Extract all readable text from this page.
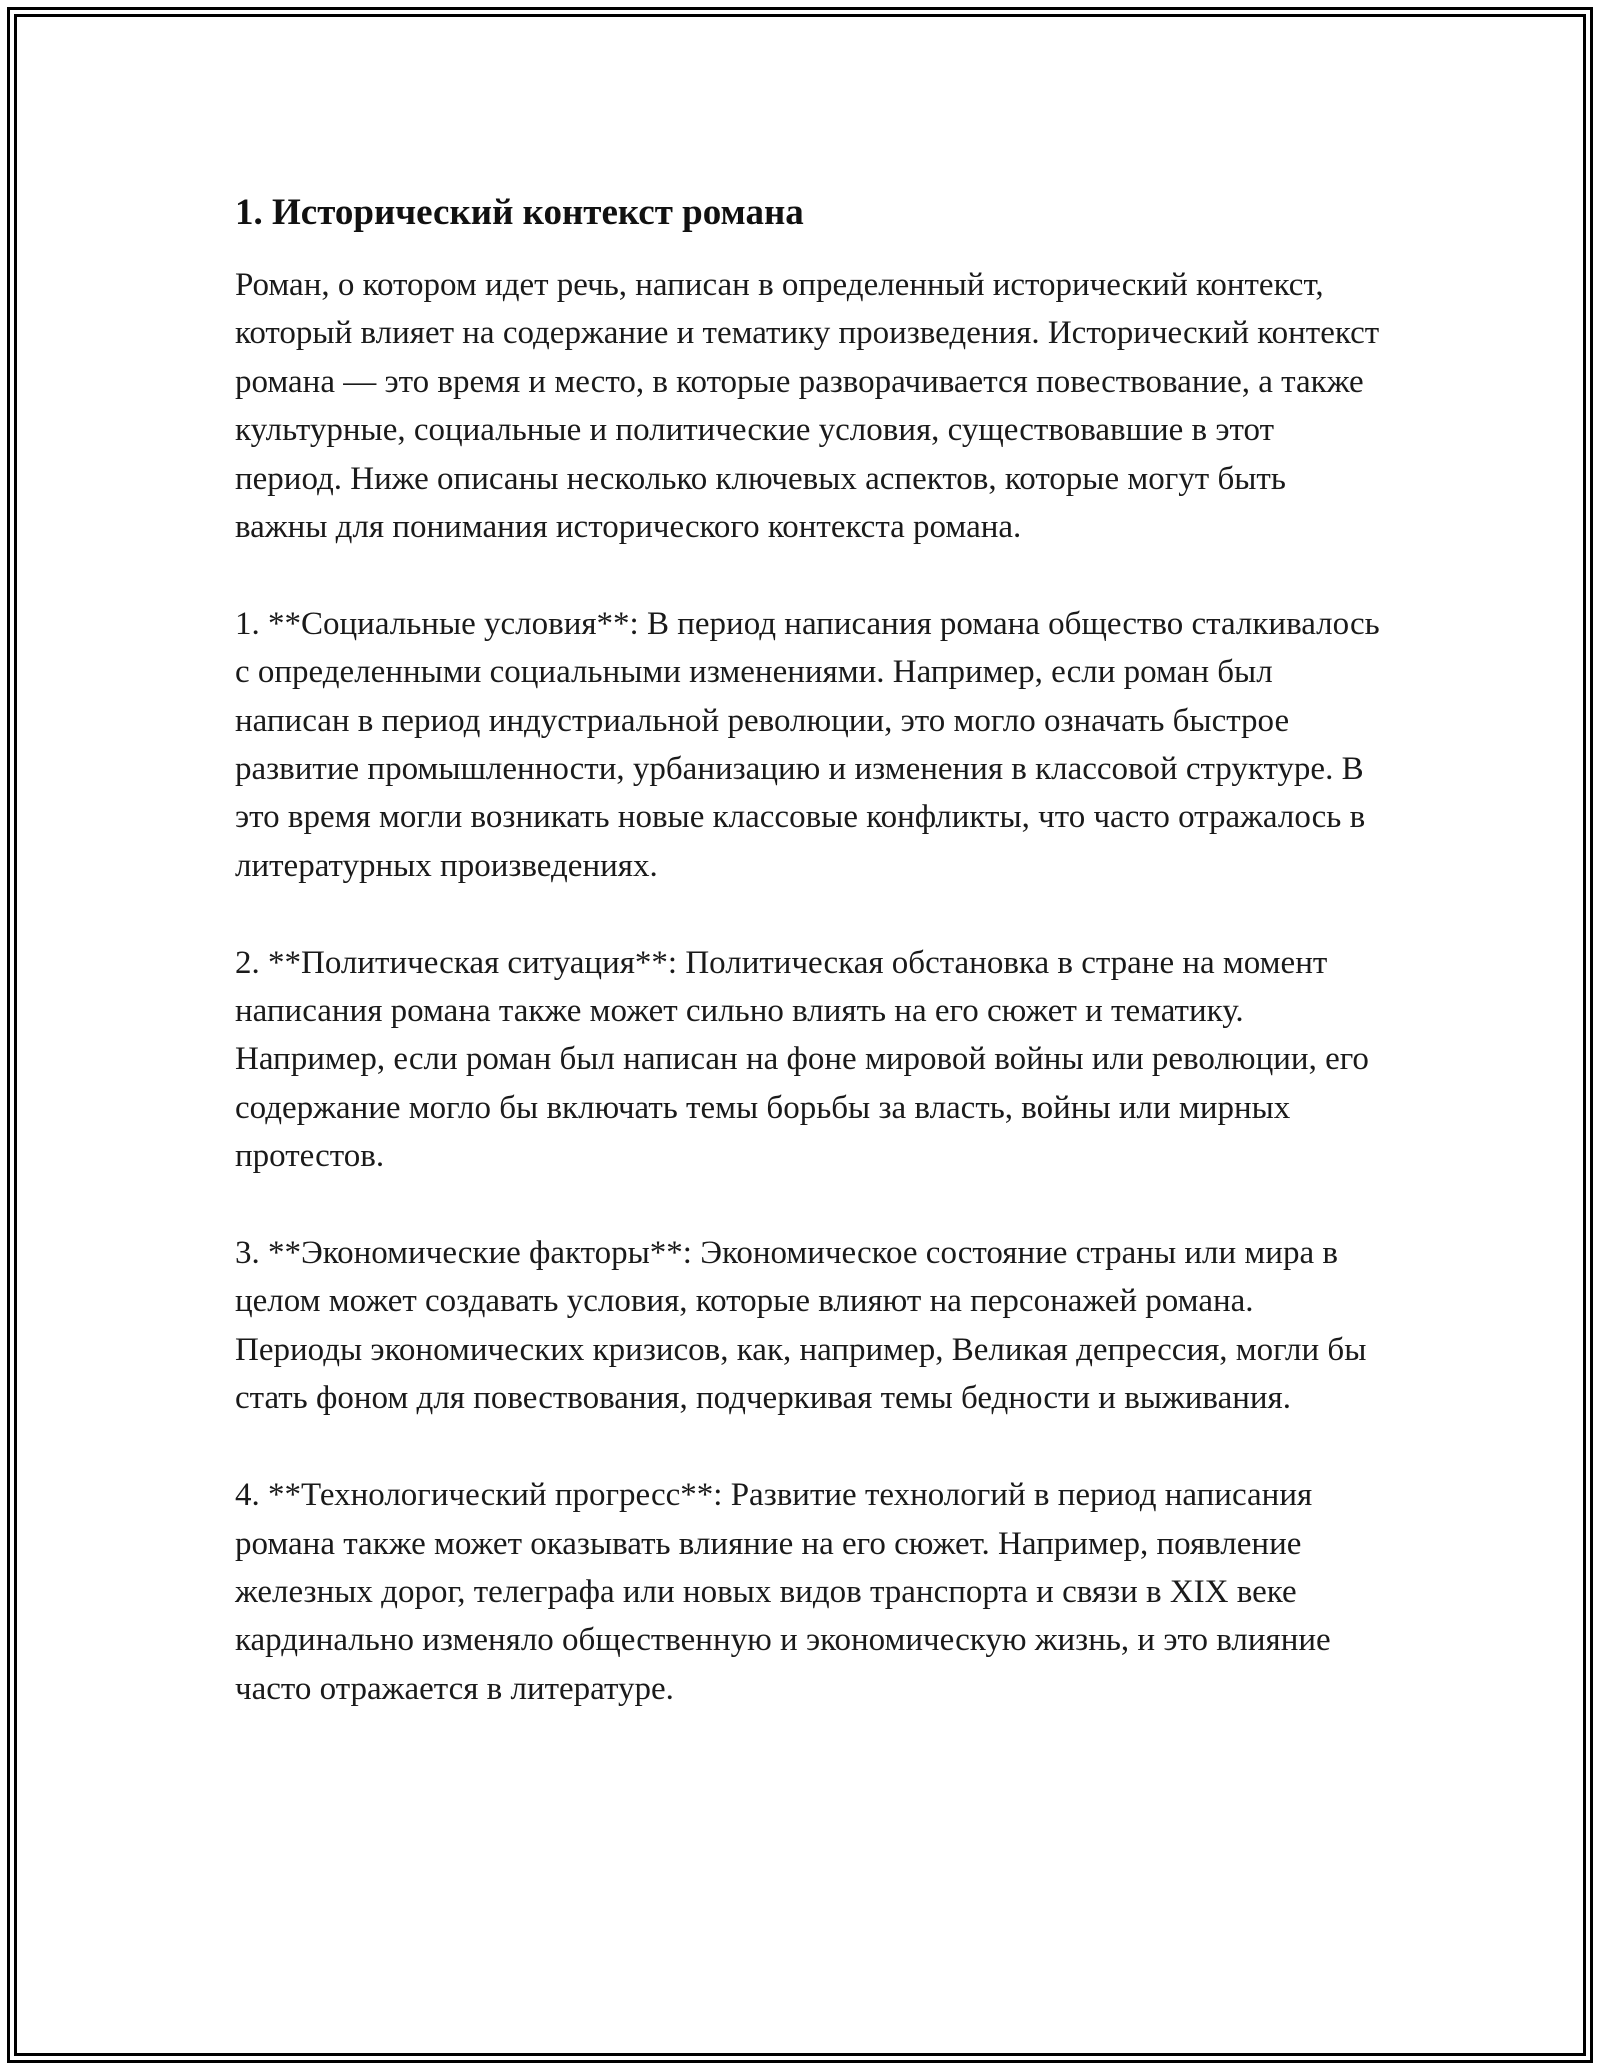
1. Исторический контекст романа

Роман, о котором идет речь, написан в определенный исторический контекст, который влияет на содержание и тематику произведения. Исторический контекст романа — это время и место, в которые разворачивается повествование, а также культурные, социальные и политические условия, существовавшие в этот период. Ниже описаны несколько ключевых аспектов, которые могут быть важны для понимания исторического контекста романа.

1. **Социальные условия**: В период написания романа общество сталкивалось с определенными социальными изменениями. Например, если роман был написан в период индустриальной революции, это могло означать быстрое развитие промышленности, урбанизацию и изменения в классовой структуре. В это время могли возникать новые классовые конфликты, что часто отражалось в литературных произведениях.

2. **Политическая ситуация**: Политическая обстановка в стране на момент написания романа также может сильно влиять на его сюжет и тематику. Например, если роман был написан на фоне мировой войны или революции, его содержание могло бы включать темы борьбы за власть, войны или мирных протестов.

3. **Экономические факторы**: Экономическое состояние страны или мира в целом может создавать условия, которые влияют на персонажей романа. Периоды экономических кризисов, как, например, Великая депрессия, могли бы стать фоном для повествования, подчеркивая темы бедности и выживания.

4. **Технологический прогресс**: Развитие технологий в период написания романа также может оказывать влияние на его сюжет. Например, появление железных дорог, телеграфа или новых видов транспорта и связи в XIX веке кардинально изменяло общественную и экономическую жизнь, и это влияние часто отражается в литературе.
